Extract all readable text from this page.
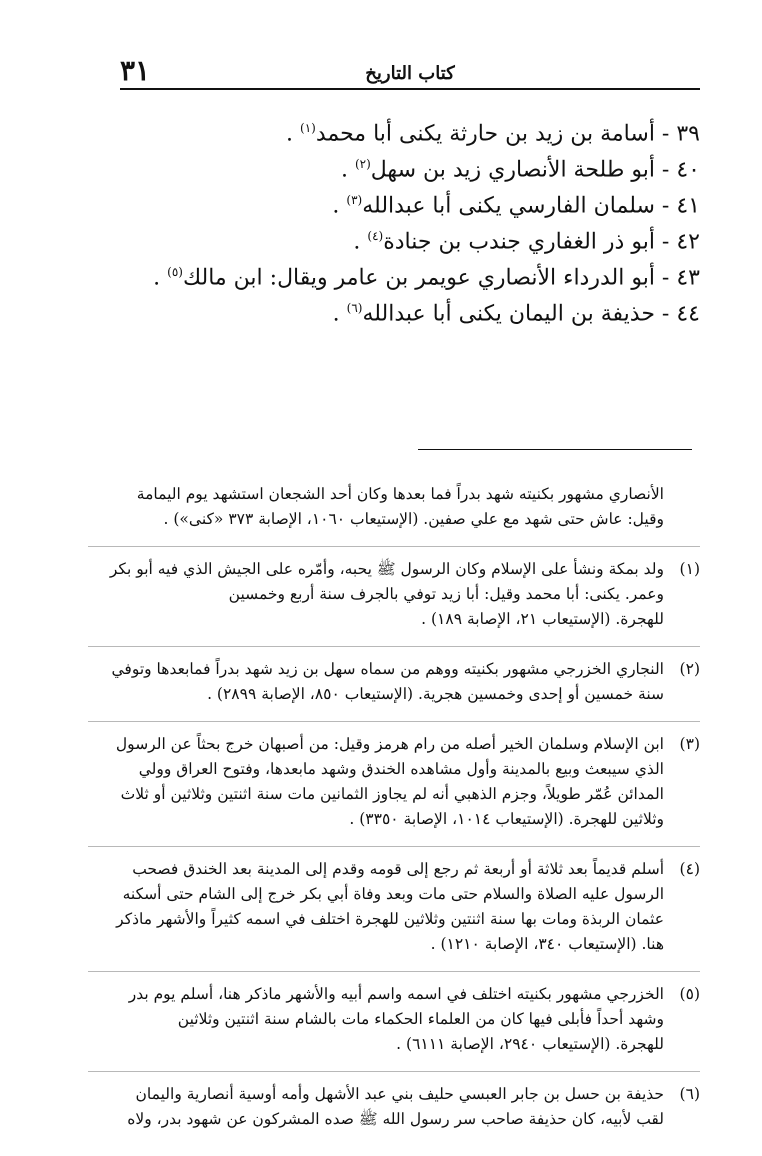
٣١	كتاب التاريخ
٣٩ - أسامة بن زيد بن حارثة يكنى أبا محمد$^{(١)}$ .
٤٠ - أبو طلحة الأنصاري زيد بن سهل$^{(٢)}$ .
٤١ - سلمان الفارسي يكنى أبا عبدالله$^{(٣)}$ .
٤٢ - أبو ذر الغفاري جندب بن جنادة$^{(٤)}$ .
٤٣ - أبو الدرداء الأنصاري عويمر بن عامر ويقال: ابن مالك$^{(٥)}$ .
٤٤ - حذيفة بن اليمان يكنى أبا عبدالله$^{(٦)}$ .
الأنصاري مشهور بكنيته شهد بدراً فما بعدها وكان أحد الشجعان استشهد يوم اليمامة
وقيل: عاش حتى شهد مع علي صفين. (الإستيعاب ١٠٦٠، الإصابة ٣٧٣ «كنى») .
(١)
ولد بمكة ونشأ على الإسلام وكان الرسول ﷺ يحبه، وأمّره على الجيش الذي فيه أبو بكر
وعمر. يكنى: أبا محمد وقيل: أبا زيد توفي بالجرف سنة أربع وخمسين
للهجرة. (الإستيعاب ٢١، الإصابة ١٨٩) .
(٢)
النجاري الخزرجي مشهور بكنيته ووهم من سماه سهل بن زيد شهد بدراً فمابعدها وتوفي
سنة خمسين أو إحدى وخمسين هجرية. (الإستيعاب ٨٥٠، الإصابة ٢٨٩٩) .
(٣)
ابن الإسلام وسلمان الخير أصله من رام هرمز وقيل: من أصبهان خرج بحثاً عن الرسول
الذي سيبعث وبيع بالمدينة وأول مشاهده الخندق وشهد مابعدها، وفتوح العراق وولي
المدائن عُمّر طويلاً، وجزم الذهبي أنه لم يجاوز الثمانين مات سنة اثنتين وثلاثين أو ثلاث
وثلاثين للهجرة. (الإستيعاب ١٠١٤، الإصابة ٣٣٥٠) .
(٤)
أسلم قديماً بعد ثلاثة أو أربعة ثم رجع إلى قومه وقدم إلى المدينة بعد الخندق فصحب
الرسول عليه الصلاة والسلام حتى مات وبعد وفاة أبي بكر خرج إلى الشام حتى أسكنه
عثمان الربذة ومات بها سنة اثنتين وثلاثين للهجرة اختلف في اسمه كثيراً والأشهر ماذكر
هنا. (الإستيعاب ٣٤٠، الإصابة ١٢١٠) .
(٥)
الخزرجي مشهور بكنيته اختلف في اسمه واسم أبيه والأشهر ماذكر هنا، أسلم يوم بدر
وشهد أحداً فأبلى فيها كان من العلماء الحكماء مات بالشام سنة اثنتين وثلاثين
للهجرة. (الإستيعاب ٢٩٤٠، الإصابة ٦١١١) .
(٦)
حذيفة بن حسل بن جابر العبسي حليف بني عبد الأشهل وأمه أوسية أنصارية واليمان
لقب لأبيه، كان حذيفة صاحب سر رسول الله ﷺ صده المشركون عن شهود بدر، ولاه
